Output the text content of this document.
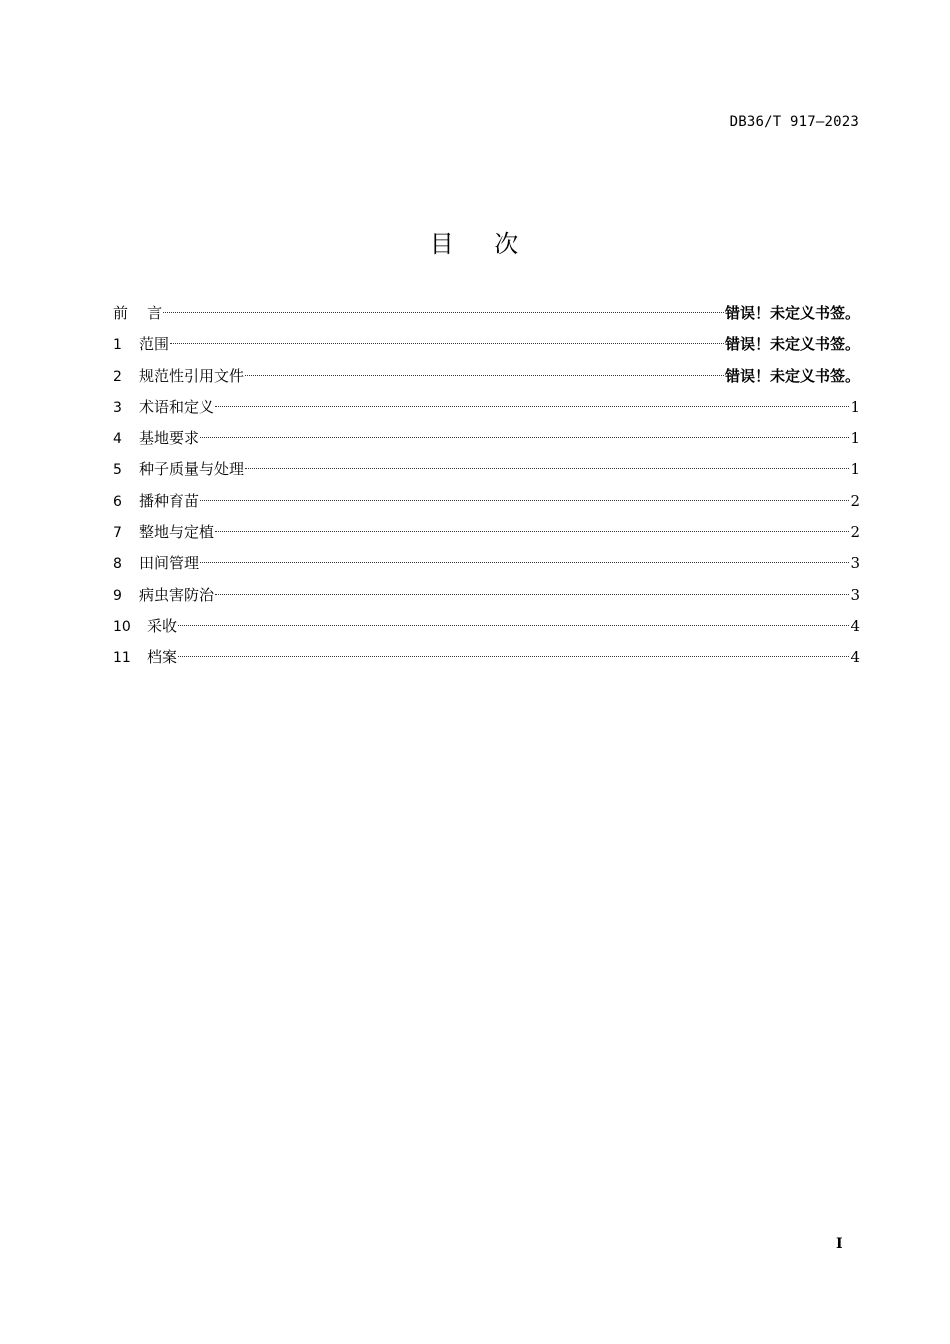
DB36/T 917—2023
目    次
前    言	错误！未定义书签。
1	范围	错误！未定义书签。
2	规范性引用文件	错误！未定义书签。
3	术语和定义	1
4	基地要求	1
5	种子质量与处理	1
6	播种育苗	2
7	整地与定植	2
8	田间管理	3
9	病虫害防治	3
10	采收	4
11	档案	4
I
